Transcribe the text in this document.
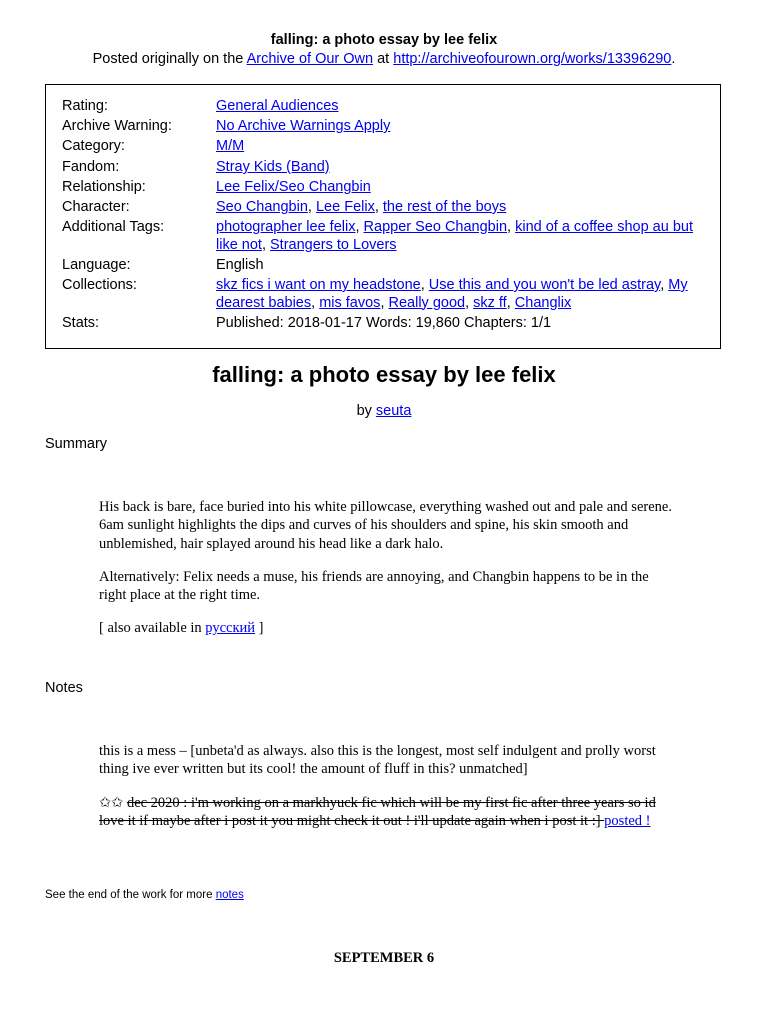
falling: a photo essay by lee felix
Posted originally on the Archive of Our Own at http://archiveofourown.org/works/13396290.
Rating:	General Audiences
Archive Warning:	No Archive Warnings Apply
Category:	M/M
Fandom:	Stray Kids (Band)
Relationship:	Lee Felix/Seo Changbin
Character:	Seo Changbin, Lee Felix, the rest of the boys
Additional Tags:	photographer lee felix, Rapper Seo Changbin, kind of a coffee shop au but like not, Strangers to Lovers
Language:	English
Collections:	skz fics i want on my headstone, Use this and you won't be led astray, My dearest babies, mis favos, Really good, skz ff, Changlix
Stats:	Published: 2018-01-17 Words: 19,860 Chapters: 1/1
falling: a photo essay by lee felix
by seuta
Summary

His back is bare, face buried into his white pillowcase, everything washed out and pale and serene. 6am sunlight highlights the dips and curves of his shoulders and spine, his skin smooth and unblemished, hair splayed around his head like a dark halo.

Alternatively: Felix needs a muse, his friends are annoying, and Changbin happens to be in the right place at the right time.

[ also available in русский ]

Notes

this is a mess – [unbeta'd as always. also this is the longest, most self indulgent and prolly worst thing ive ever written but its cool! the amount of fluff in this? unmatched]

✩✩ dec 2020 : i'm working on a markhyuck fic which will be my first fic after three years so id love it if maybe after i post it you might check it out ! i'll update again when i post it :] posted !

See the end of the work for more notes
SEPTEMBER 6
